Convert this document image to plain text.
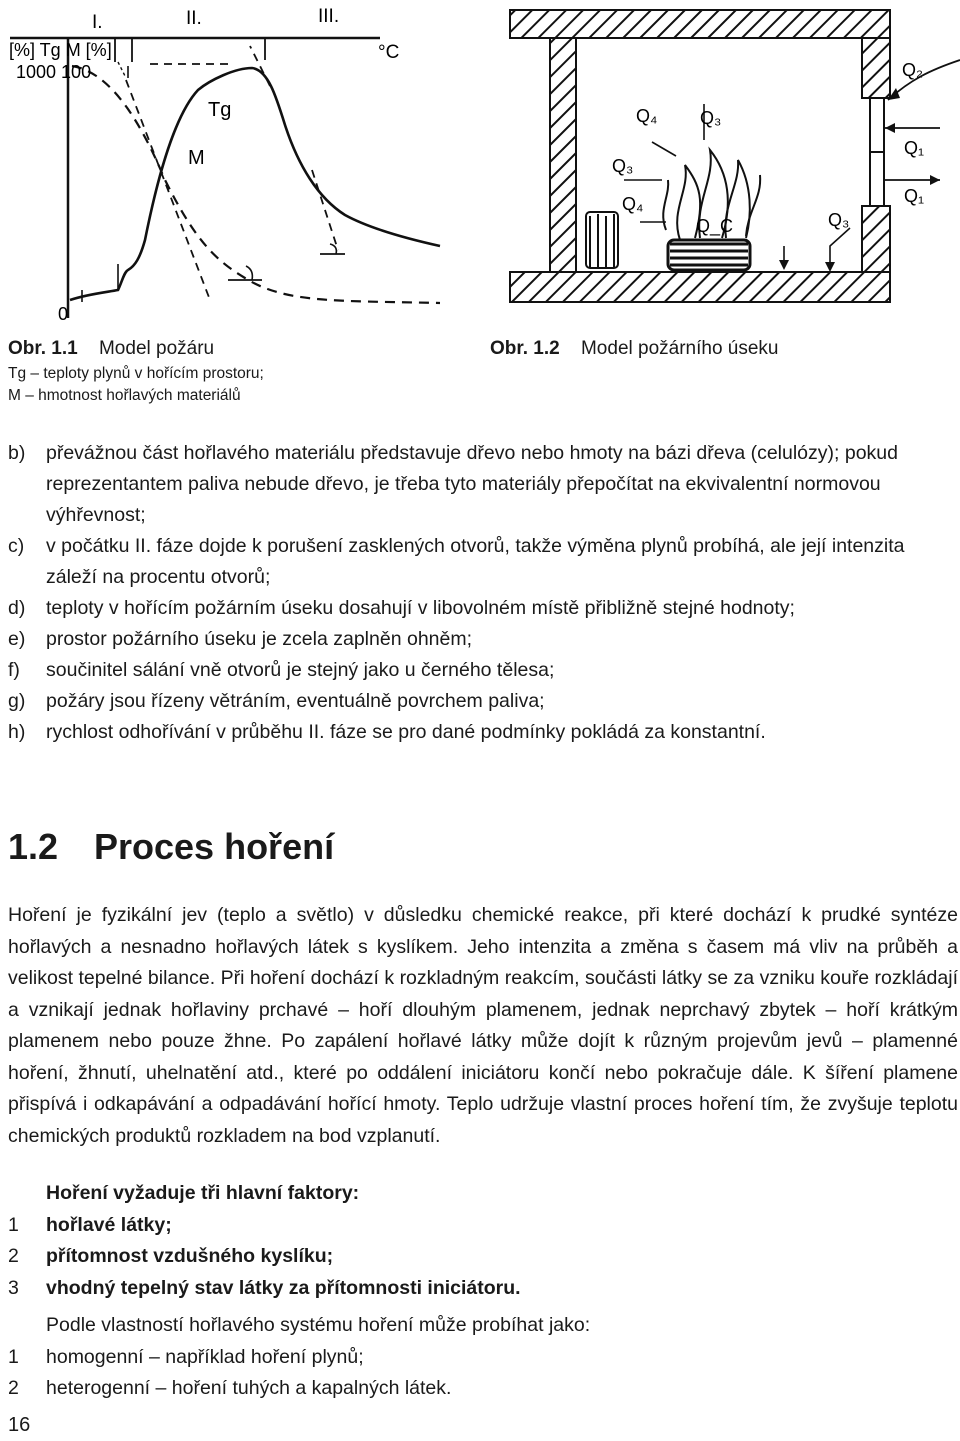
I.	II.	III.
[%] Tg M [%]
1000 100
0
°C
Tg
M
Obr. 1.1 Model požáru
Tg – teploty plynů v hořícím prostoru;
M – hmotnost hořlavých materiálů
Q₂
Q₄ Q₃
Q₁
Q₃
Q₁
Q₄
Q_C	Q₃
Obr. 1.2 Model požárního úseku
b)	převážnou část hořlavého materiálu představuje dřevo nebo hmoty na bázi dřeva (celulózy); pokud reprezentantem paliva nebude dřevo, je třeba tyto materiály přepočítat na ekvivalentní normovou výhřevnost;
c)	v počátku II. fáze dojde k porušení zasklených otvorů, takže výměna plynů probíhá, ale její intenzita záleží na procentu otvorů;
d)	teploty v hořícím požárním úseku dosahují v libovolném místě přibližně stejné hodnoty;
e)	prostor požárního úseku je zcela zaplněn ohněm;
f)	součinitel sálání vně otvorů je stejný jako u černého tělesa;
g)	požáry jsou řízeny větráním, eventuálně povrchem paliva;
h)	rychlost odhořívání v průběhu II. fáze se pro dané podmínky pokládá za konstantní.
1.2 Proces hoření
Hoření je fyzikální jev (teplo a světlo) v důsledku chemické reakce, při které dochází k prudké syntéze hořlavých a nesnadno hořlavých látek s kyslíkem. Jeho intenzita a změna s časem má vliv na průběh a velikost tepelné bilance. Při hoření dochází k rozkladným reakcím, součásti látky se za vzniku kouře rozkládají a vznikají jednak hořlaviny prchavé – hoří dlouhým plamenem, jednak neprchavý zbytek – hoří krátkým plamenem nebo pouze žhne. Po zapálení hořlavé látky může dojít k různým projevům jevů – plamenné hoření, žhnutí, uhelnatění atd., které po oddálení iniciátoru končí nebo pokračuje dále. K šíření plamene přispívá i odkapávání a odpadávání hořící hmoty. Teplo udržuje vlastní proces hoření tím, že zvyšuje teplotu chemických produktů rozkladem na bod vzplanutí.
Hoření vyžaduje tři hlavní faktory:
1	hořlavé látky;
2	přítomnost vzdušného kyslíku;
3	vhodný tepelný stav látky za přítomnosti iniciátoru.
Podle vlastností hořlavého systému hoření může probíhat jako:
1	homogenní – například hoření plynů;
2	heterogenní – hoření tuhých a kapalných látek.
16
